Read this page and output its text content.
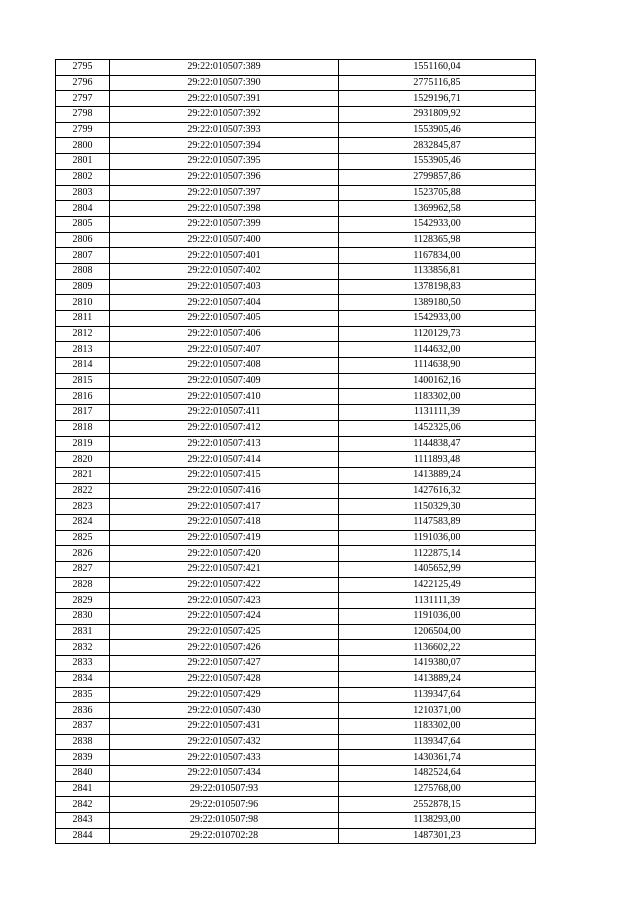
2795	29:22:010507:389	1551160,04
2796	29:22:010507:390	2775116,85
2797	29:22:010507:391	1529196,71
2798	29:22:010507:392	2931809,92
2799	29:22:010507:393	1553905,46
2800	29:22:010507:394	2832845,87
2801	29:22:010507:395	1553905,46
2802	29:22:010507:396	2799857,86
2803	29:22:010507:397	1523705,88
2804	29:22:010507:398	1369962,58
2805	29:22:010507:399	1542933,00
2806	29:22:010507:400	1128365,98
2807	29:22:010507:401	1167834,00
2808	29:22:010507:402	1133856,81
2809	29:22:010507:403	1378198,83
2810	29:22:010507:404	1389180,50
2811	29:22:010507:405	1542933,00
2812	29:22:010507:406	1120129,73
2813	29:22:010507:407	1144632,00
2814	29:22:010507:408	1114638,90
2815	29:22:010507:409	1400162,16
2816	29:22:010507:410	1183302,00
2817	29:22:010507:411	1131111,39
2818	29:22:010507:412	1452325,06
2819	29:22:010507:413	1144838,47
2820	29:22:010507:414	1111893,48
2821	29:22:010507:415	1413889,24
2822	29:22:010507:416	1427616,32
2823	29:22:010507:417	1150329,30
2824	29:22:010507:418	1147583,89
2825	29:22:010507:419	1191036,00
2826	29:22:010507:420	1122875,14
2827	29:22:010507:421	1405652,99
2828	29:22:010507:422	1422125,49
2829	29:22:010507:423	1131111,39
2830	29:22:010507:424	1191036,00
2831	29:22:010507:425	1206504,00
2832	29:22:010507:426	1136602,22
2833	29:22:010507:427	1419380,07
2834	29:22:010507:428	1413889,24
2835	29:22:010507:429	1139347,64
2836	29:22:010507:430	1210371,00
2837	29:22:010507:431	1183302,00
2838	29:22:010507:432	1139347,64
2839	29:22:010507:433	1430361,74
2840	29:22:010507:434	1482524,64
2841	29:22:010507:93	1275768,00
2842	29:22:010507:96	2552878,15
2843	29:22:010507:98	1138293,00
2844	29:22:010702:28	1487301,23
